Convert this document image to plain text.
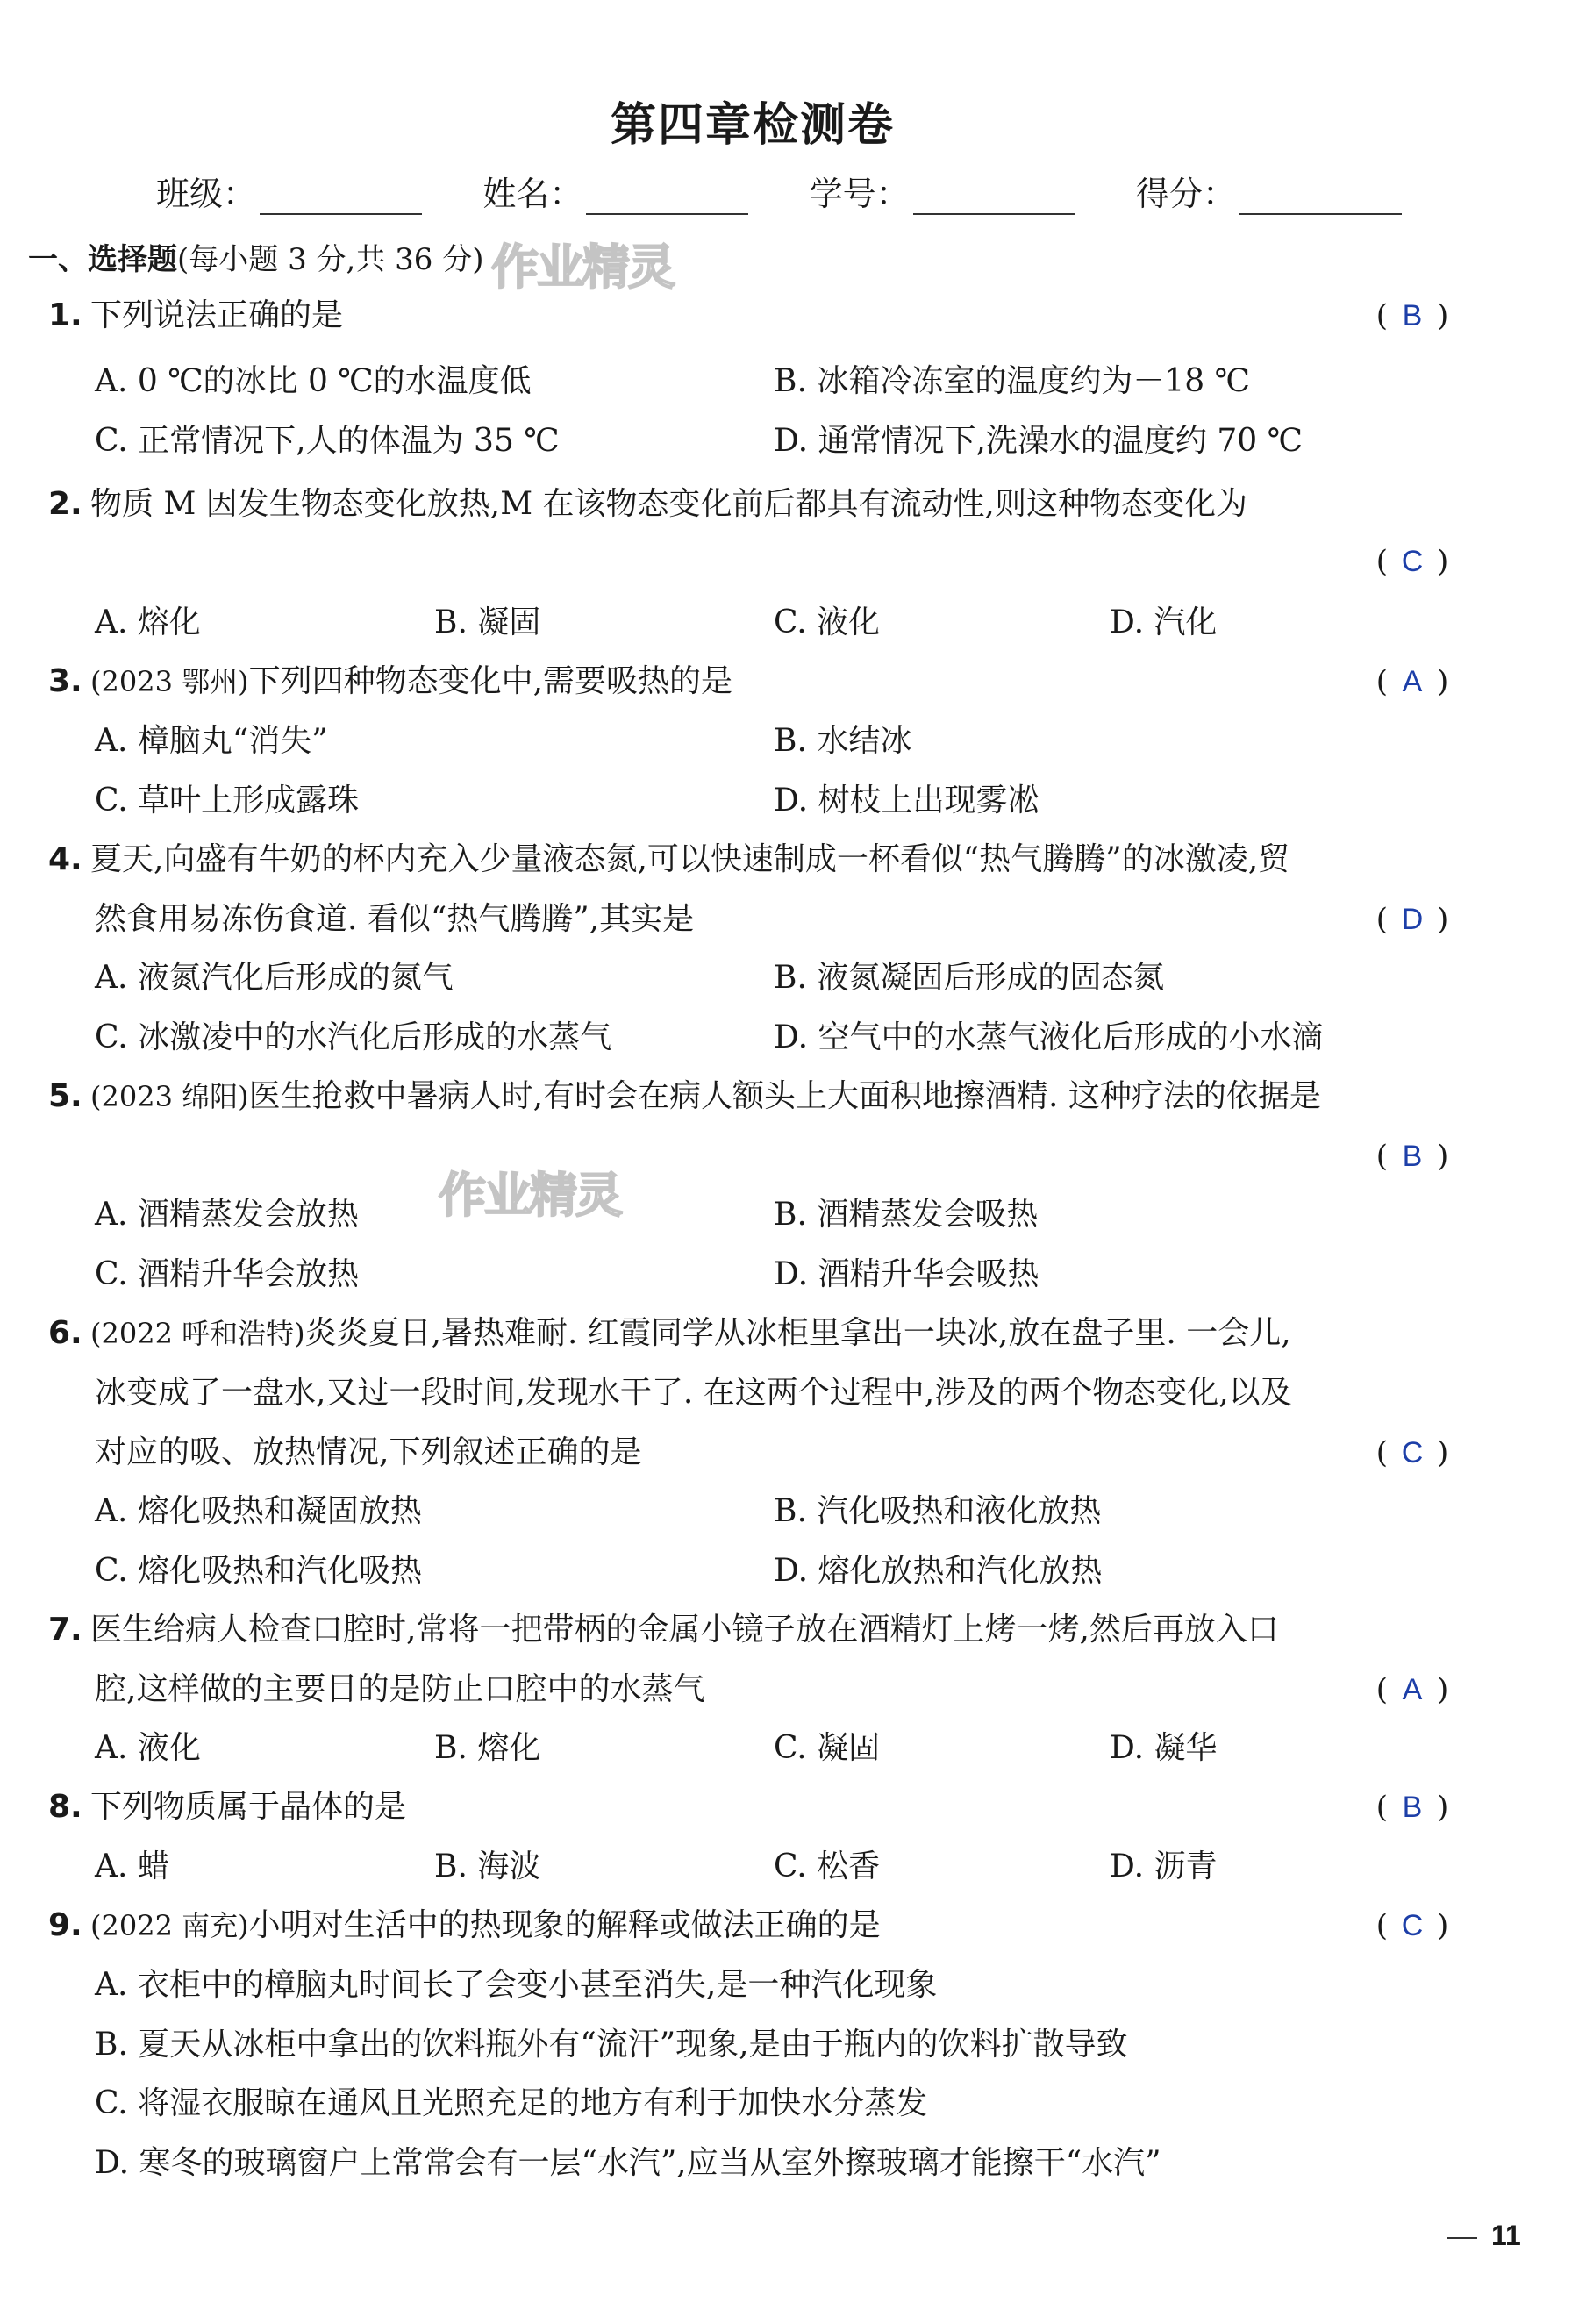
第四章检测卷
班级：	姓名：	学号：	得分：
一、选择题(每小题 3 分,共 36 分) 作业精灵
作业精灵
1. 下列说法正确的是	( B )
A. 0 ℃的冰比 0 ℃的水温度低	B. 冰箱冷冻室的温度约为－18 ℃
C. 正常情况下,人的体温为 35 ℃	D. 通常情况下,洗澡水的温度约 70 ℃
2. 物质 M 因发生物态变化放热,M 在该物态变化前后都具有流动性,则这种物态变化为
( C )
A. 熔化	B. 凝固	C. 液化	D. 汽化
3. (2023 鄂州)下列四种物态变化中,需要吸热的是	( A )
A. 樟脑丸“消失”	B. 水结冰
C. 草叶上形成露珠	D. 树枝上出现雾凇
4. 夏天,向盛有牛奶的杯内充入少量液态氮,可以快速制成一杯看似“热气腾腾”的冰激凌,贸
然食用易冻伤食道. 看似“热气腾腾”,其实是	( D )
A. 液氮汽化后形成的氮气	B. 液氮凝固后形成的固态氮
C. 冰激凌中的水汽化后形成的水蒸气	D. 空气中的水蒸气液化后形成的小水滴
5. (2023 绵阳)医生抢救中暑病人时,有时会在病人额头上大面积地擦酒精. 这种疗法的依据是
( B )
A. 酒精蒸发会放热	B. 酒精蒸发会吸热
C. 酒精升华会放热	D. 酒精升华会吸热
6. (2022 呼和浩特)炎炎夏日,暑热难耐. 红霞同学从冰柜里拿出一块冰,放在盘子里. 一会儿,
冰变成了一盘水,又过一段时间,发现水干了. 在这两个过程中,涉及的两个物态变化,以及
对应的吸、放热情况,下列叙述正确的是	( C )
A. 熔化吸热和凝固放热	B. 汽化吸热和液化放热
C. 熔化吸热和汽化吸热	D. 熔化放热和汽化放热
7. 医生给病人检查口腔时,常将一把带柄的金属小镜子放在酒精灯上烤一烤,然后再放入口
腔,这样做的主要目的是防止口腔中的水蒸气	( A )
A. 液化	B. 熔化	C. 凝固	D. 凝华
8. 下列物质属于晶体的是	( B )
A. 蜡	B. 海波	C. 松香	D. 沥青
9. (2022 南充)小明对生活中的热现象的解释或做法正确的是	( C )
A. 衣柜中的樟脑丸时间长了会变小甚至消失,是一种汽化现象
B. 夏天从冰柜中拿出的饮料瓶外有“流汗”现象,是由于瓶内的饮料扩散导致
C. 将湿衣服晾在通风且光照充足的地方有利于加快水分蒸发
D. 寒冬的玻璃窗户上常常会有一层“水汽”,应当从室外擦玻璃才能擦干“水汽”
11
